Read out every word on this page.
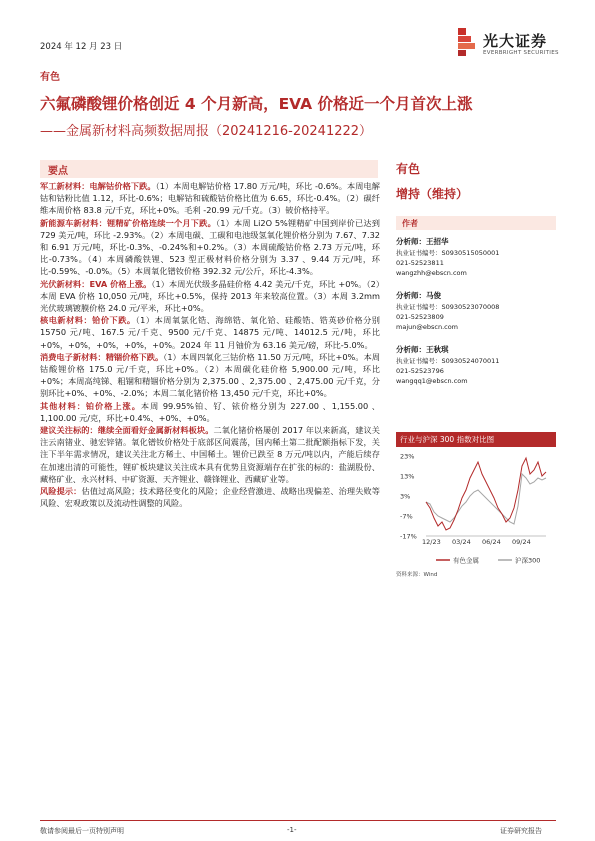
2024 年 12 月 23 日	光大证券
EVERBRIGHT SECURITIES
有色
六氟磷酸锂价格创近 4 个月新高，EVA 价格近一个月首次上涨
——金属新材料高频数据周报（20241216-20241222）
要点

军工新材料：电解钴价格下跌。（1）本周电解钴价格 17.80 万元/吨，环比 -0.6%。本周电解钴和钴粉比值 1.12，环比-0.6%；电解钴和硫酸钴价格比值为 6.65，环比-0.4%。（2）碳纤维本周价格 83.8 元/千克，环比+0%。毛利 -20.99 元/千克。（3）铍价格持平。

新能源车新材料：锂精矿价格连续一个月下跌。（1）本周 Li2O 5%锂精矿中国到岸价已达到 729 美元/吨，环比 -2.93%。（2）本周电碳、工碳和电池级氢氧化锂价格分别为 7.67、7.32 和 6.91 万元/吨，环比-0.3%、-0.24%和+0.2%。（3）本周硫酸钴价格 2.73 万元/吨，环比-0.73%。（4）本周磷酸铁锂、523 型正极材料价格分别为 3.37 、9.44 万元/吨，环比-0.59%、-0.0%。（5）本周氧化镨钕价格 392.32 元/公斤，环比-4.3%。

光伏新材料：EVA 价格上涨。（1）本周光伏级多晶硅价格 4.42 美元/千克，环比 +0%。（2）本周 EVA 价格 10,050 元/吨，环比+0.5%，保持 2013 年来较高位置。（3）本周 3.2mm 光伏玻璃镀膜价格 24.0 元/平米，环比+0%。

核电新材料：铪价下跌。（1）本周氧氯化锆、海绵锆、氧化铪、硅酸锆、锆英砂价格分别 15750 元/吨、167.5 元/千克、9500 元/千克、14875 元/吨、14012.5 元/吨，环比+0%，+0%，+0%，+0%，+0%。2024 年 11 月铀价为 63.16 美元/磅，环比-5.0%。

消费电子新材料：精锢价格下跌。（1）本周四氧化三钴价格 11.50 万元/吨，环比+0%。本周钴酸锂价格 175.0 元/千克，环比+0%。（2）本周碳化硅价格 5,900.00 元/吨，环比 +0%；本周高纯锑、粗锢和精锢价格分别为 2,375.00 、2,375.00 、2,475.00 元/千克，分别环比+0%、+0%、-2.0%；本周二氧化锗价格 13,450 元/千克，环比+0%。

其他材料：铂价格上涨。本周 99.95%铂、钌、铱价格分别为 227.00 、1,155.00 、1,100.00 元/克，环比+0.4%、+0%、+0%。

建议关注标的：继续全面看好金属新材料板块。二氧化锗价格屡创 2017 年以来新高，建议关注云南锗业、驰宏锌锗。氧化镨钕价格处于底部区间震荡，国内稀土第二批配额指标下发，关注下半年需求情况，建议关注北方稀土、中国稀土。锂价已跌至 8 万元/吨以内，产能后续存在加速出清的可能性，锂矿板块建议关注成本具有优势且资源端存在扩张的标的：盐湖股份、藏格矿业、永兴材料、中矿资源、天齐锂业、赣锋锂业、西藏矿业等。

风险提示：估值过高风险；技术路径变化的风险；企业经营激进、战略出现偏差、治理失败等风险、宏观政策以及流动性调整的风险。

有色
增持（维持）
作者
分析师：王招华
执业证书编号：S0930515050001
021-52523811
wangzhh@ebscn.com
分析师：马俊
执业证书编号：S0930523070008
021-52523809
majun@ebscn.com
分析师：王秋琪
执业证书编号：S0930524070011
021-52523796
wangqq1@ebscn.com
行业与沪深 300 指数对比图
23%
13%
3%
-7%
-17%
12/23 03/24 06/24 09/24
有色金属	沪深300
资料来源：Wind
敬请参阅最后一页特别声明	-1-	证券研究报告
